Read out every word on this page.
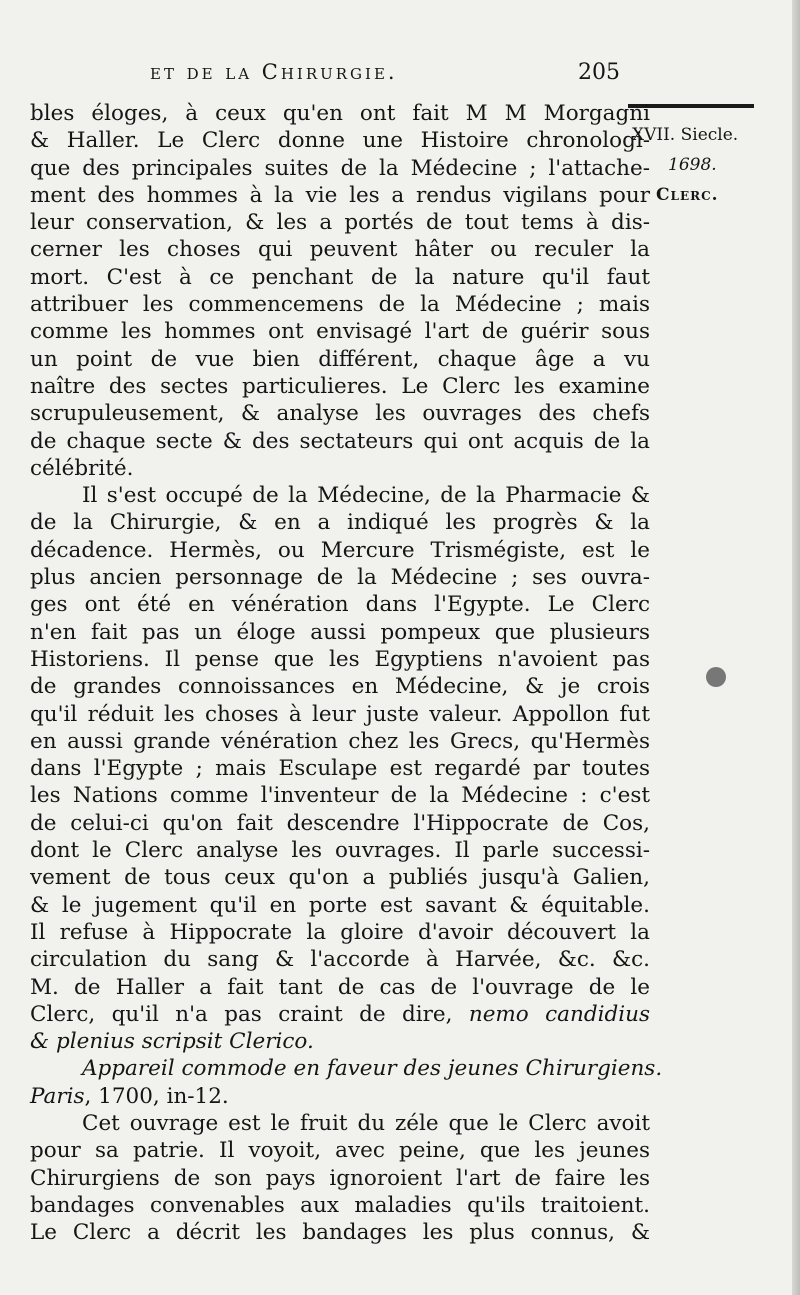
et de la Chirurgie.	205
XVII. Siecle.
1698.
Clerc.
bles éloges, à ceux qu'en ont fait M M Morgagni
& Haller. Le Clerc donne une Histoire chronologi-
que des principales suites de la Médecine ; l'attache-
ment des hommes à la vie les a rendus vigilans pour
leur conservation, & les a portés de tout tems à dis-
cerner les choses qui peuvent hâter ou reculer la
mort. C'est à ce penchant de la nature qu'il faut
attribuer les commencemens de la Médecine ; mais
comme les hommes ont envisagé l'art de guérir sous
un point de vue bien différent, chaque âge a vu
naître des sectes particulieres. Le Clerc les examine
scrupuleusement, & analyse les ouvrages des chefs
de chaque secte & des sectateurs qui ont acquis de la
célébrité.
Il s'est occupé de la Médecine, de la Pharmacie &
de la Chirurgie, & en a indiqué les progrès & la
décadence. Hermès, ou Mercure Trismégiste, est le
plus ancien personnage de la Médecine ; ses ouvra-
ges ont été en vénération dans l'Egypte. Le Clerc
n'en fait pas un éloge aussi pompeux que plusieurs
Historiens. Il pense que les Egyptiens n'avoient pas
de grandes connoissances en Médecine, & je crois
qu'il réduit les choses à leur juste valeur. Appollon fut
en aussi grande vénération chez les Grecs, qu'Hermès
dans l'Egypte ; mais Esculape est regardé par toutes
les Nations comme l'inventeur de la Médecine : c'est
de celui-ci qu'on fait descendre l'Hippocrate de Cos,
dont le Clerc analyse les ouvrages. Il parle successi-
vement de tous ceux qu'on a publiés jusqu'à Galien,
& le jugement qu'il en porte est savant & équitable.
Il refuse à Hippocrate la gloire d'avoir découvert la
circulation du sang & l'accorde à Harvée, &c. &c.
M. de Haller a fait tant de cas de l'ouvrage de le
Clerc, qu'il n'a pas craint de dire, nemo candidius
& plenius scripsit Clerico.
Appareil commode en faveur des jeunes Chirurgiens.
Paris, 1700, in-12.
Cet ouvrage est le fruit du zéle que le Clerc avoit
pour sa patrie. Il voyoit, avec peine, que les jeunes
Chirurgiens de son pays ignoroient l'art de faire les
bandages convenables aux maladies qu'ils traitoient.
Le Clerc a décrit les bandages les plus connus, &
